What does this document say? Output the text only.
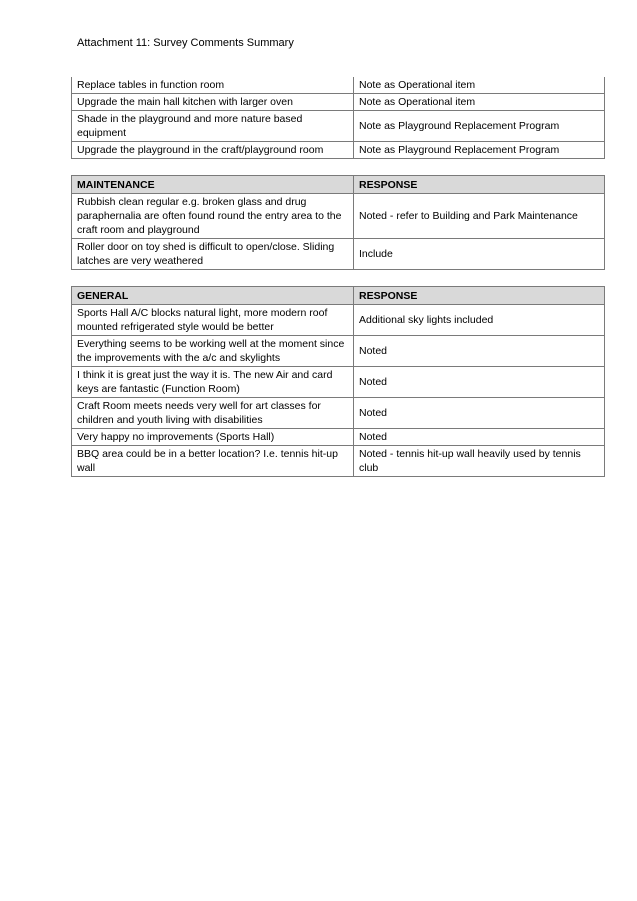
Attachment 11: Survey Comments Summary
Replace tables in function room	Note as Operational item
Upgrade the main hall kitchen with larger oven	Note as Operational item
Shade in the playground and more nature based equipment	Note as Playground Replacement Program
Upgrade the playground in the craft/playground room	Note as Playground Replacement Program
MAINTENANCE	RESPONSE
Rubbish clean regular e.g. broken glass and drug paraphernalia are often found round the entry area to the craft room and playground	Noted - refer to Building and Park Maintenance
Roller door on toy shed is difficult to open/close. Sliding latches are very weathered	Include
GENERAL	RESPONSE
Sports Hall A/C blocks natural light, more modern roof mounted refrigerated style would be better	Additional sky lights included
Everything seems to be working well at the moment since the improvements with the a/c and skylights	Noted
I think it is great just the way it is. The new Air and card keys are fantastic (Function Room)	Noted
Craft Room meets needs very well for art classes for children and youth living with disabilities	Noted
Very happy no improvements (Sports Hall)	Noted
BBQ area could be in a better location? I.e. tennis hit-up wall	Noted - tennis hit-up wall heavily used by tennis club
